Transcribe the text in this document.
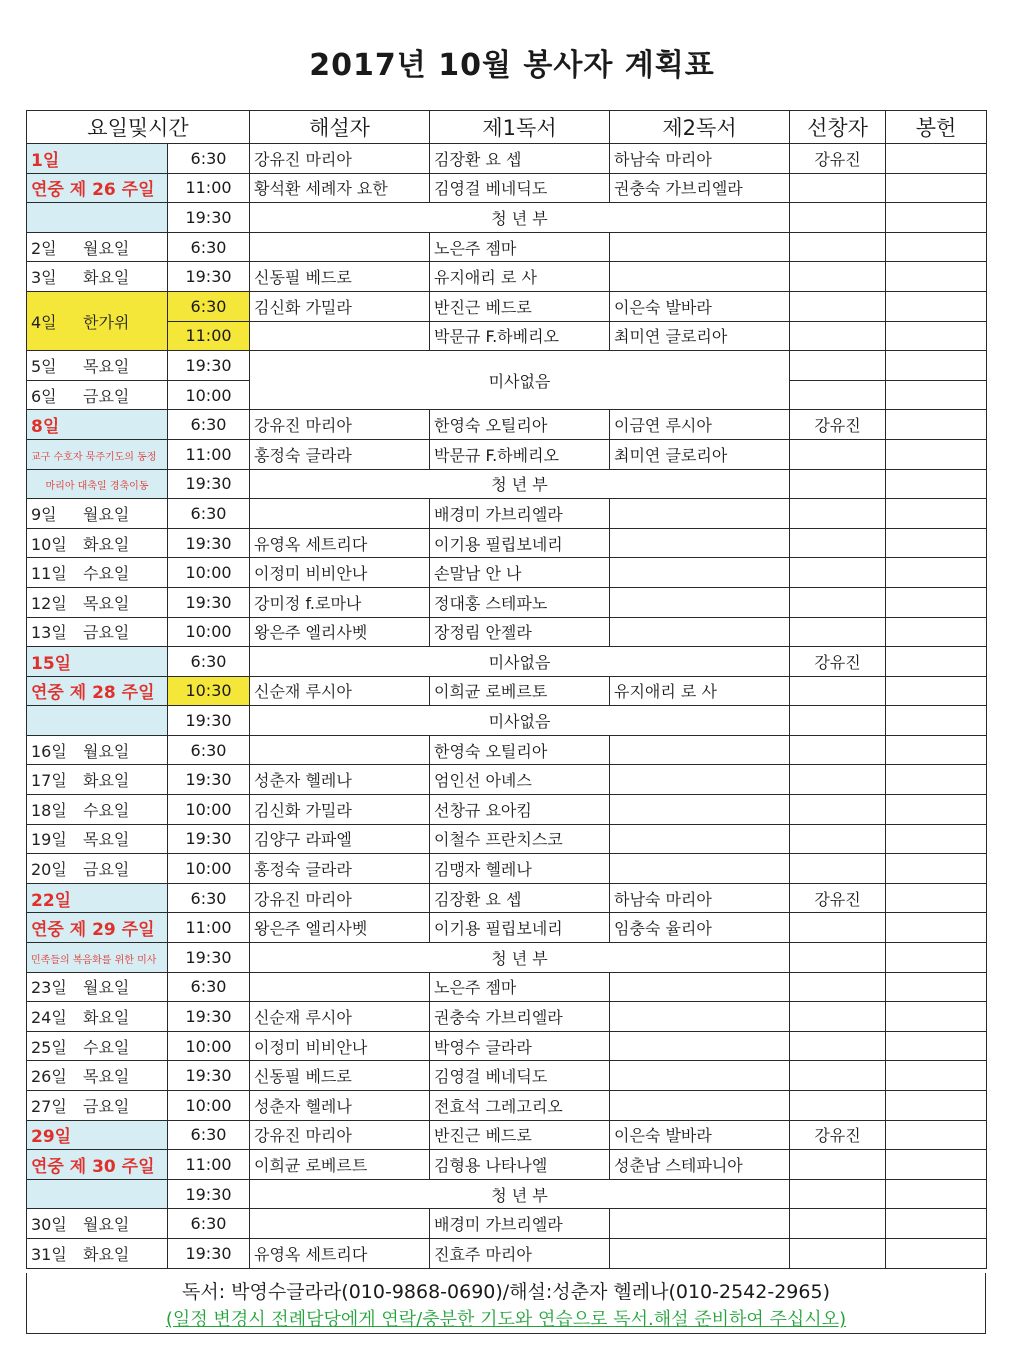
2017년 10월 봉사자 계획표
요일및시간		해설자	제1독서	제2독서	선창자	봉헌
1일	6:30	강유진 마리아	김장환 요 셉	하남숙 마리아	강유진	
연중 제 26 주일	11:00	황석환 세례자 요한	김영걸 베네딕도	권충숙 가브리엘라		
	19:30	청 년 부				
2일 월요일	6:30		노은주 젬마			
3일 화요일	19:30	신동필 베드로	유지애리 로 사			
4일 한가위	6:30	김신화 가밀라	반진근 베드로	이은숙 발바라		
	11:00		박문규 F.하베리오	최미연 글로리아		
5일 목요일	19:30	미사없음				
6일 금요일	10:00					
8일	6:30	강유진 마리아	한영숙 오틸리아	이금연 루시아	강유진	
교구 수호자 묵주기도의 동정	11:00	홍정숙 글라라	박문규 F.하베리오	최미연 글로리아		
마리아 대축일 경축이동	19:30	청 년 부				
9일 월요일	6:30		배경미 가브리엘라			
10일 화요일	19:30	유영옥 세트리다	이기용 필립보네리			
11일 수요일	10:00	이정미 비비안나	손말남 안 나			
12일 목요일	19:30	강미정 f.로마나	정대홍 스테파노			
13일 금요일	10:00	왕은주 엘리사벳	장정림 안젤라			
15일	6:30	미사없음			강유진	
연중 제 28 주일	10:30	신순재 루시아	이희균 로베르토	유지애리 로 사		
	19:30	미사없음				
16일 월요일	6:30		한영숙 오틸리아			
17일 화요일	19:30	성춘자 헬레나	엄인선 아녜스			
18일 수요일	10:00	김신화 가밀라	선창규 요아킴			
19일 목요일	19:30	김양구 라파엘	이철수 프란치스코			
20일 금요일	10:00	홍정숙 글라라	김맹자 헬레나			
22일	6:30	강유진 마리아	김장환 요 셉	하남숙 마리아	강유진	
연중 제 29 주일	11:00	왕은주 엘리사벳	이기용 필립보네리	임충숙 율리아		
민족들의 복음화를 위한 미사	19:30	청 년 부				
23일 월요일	6:30		노은주 젬마			
24일 화요일	19:30	신순재 루시아	권충숙 가브리엘라			
25일 수요일	10:00	이정미 비비안나	박영수 글라라			
26일 목요일	19:30	신동필 베드로	김영걸 베네딕도			
27일 금요일	10:00	성춘자 헬레나	전효석 그레고리오			
29일	6:30	강유진 마리아	반진근 베드로	이은숙 발바라	강유진	
연중 제 30 주일	11:00	이희균 로베르트	김형용 나타나엘	성춘남 스테파니아		
	19:30	청 년 부				
30일 월요일	6:30		배경미 가브리엘라			
31일 화요일	19:30	유영옥 세트리다	진효주 마리아			
독서: 박영수글라라(010-9868-0690)/해설:성춘자 헬레나(010-2542-2965)
(일정 변경시 전례담당에게 연락/충분한 기도와 연습으로 독서.해설 준비하여 주십시오)
